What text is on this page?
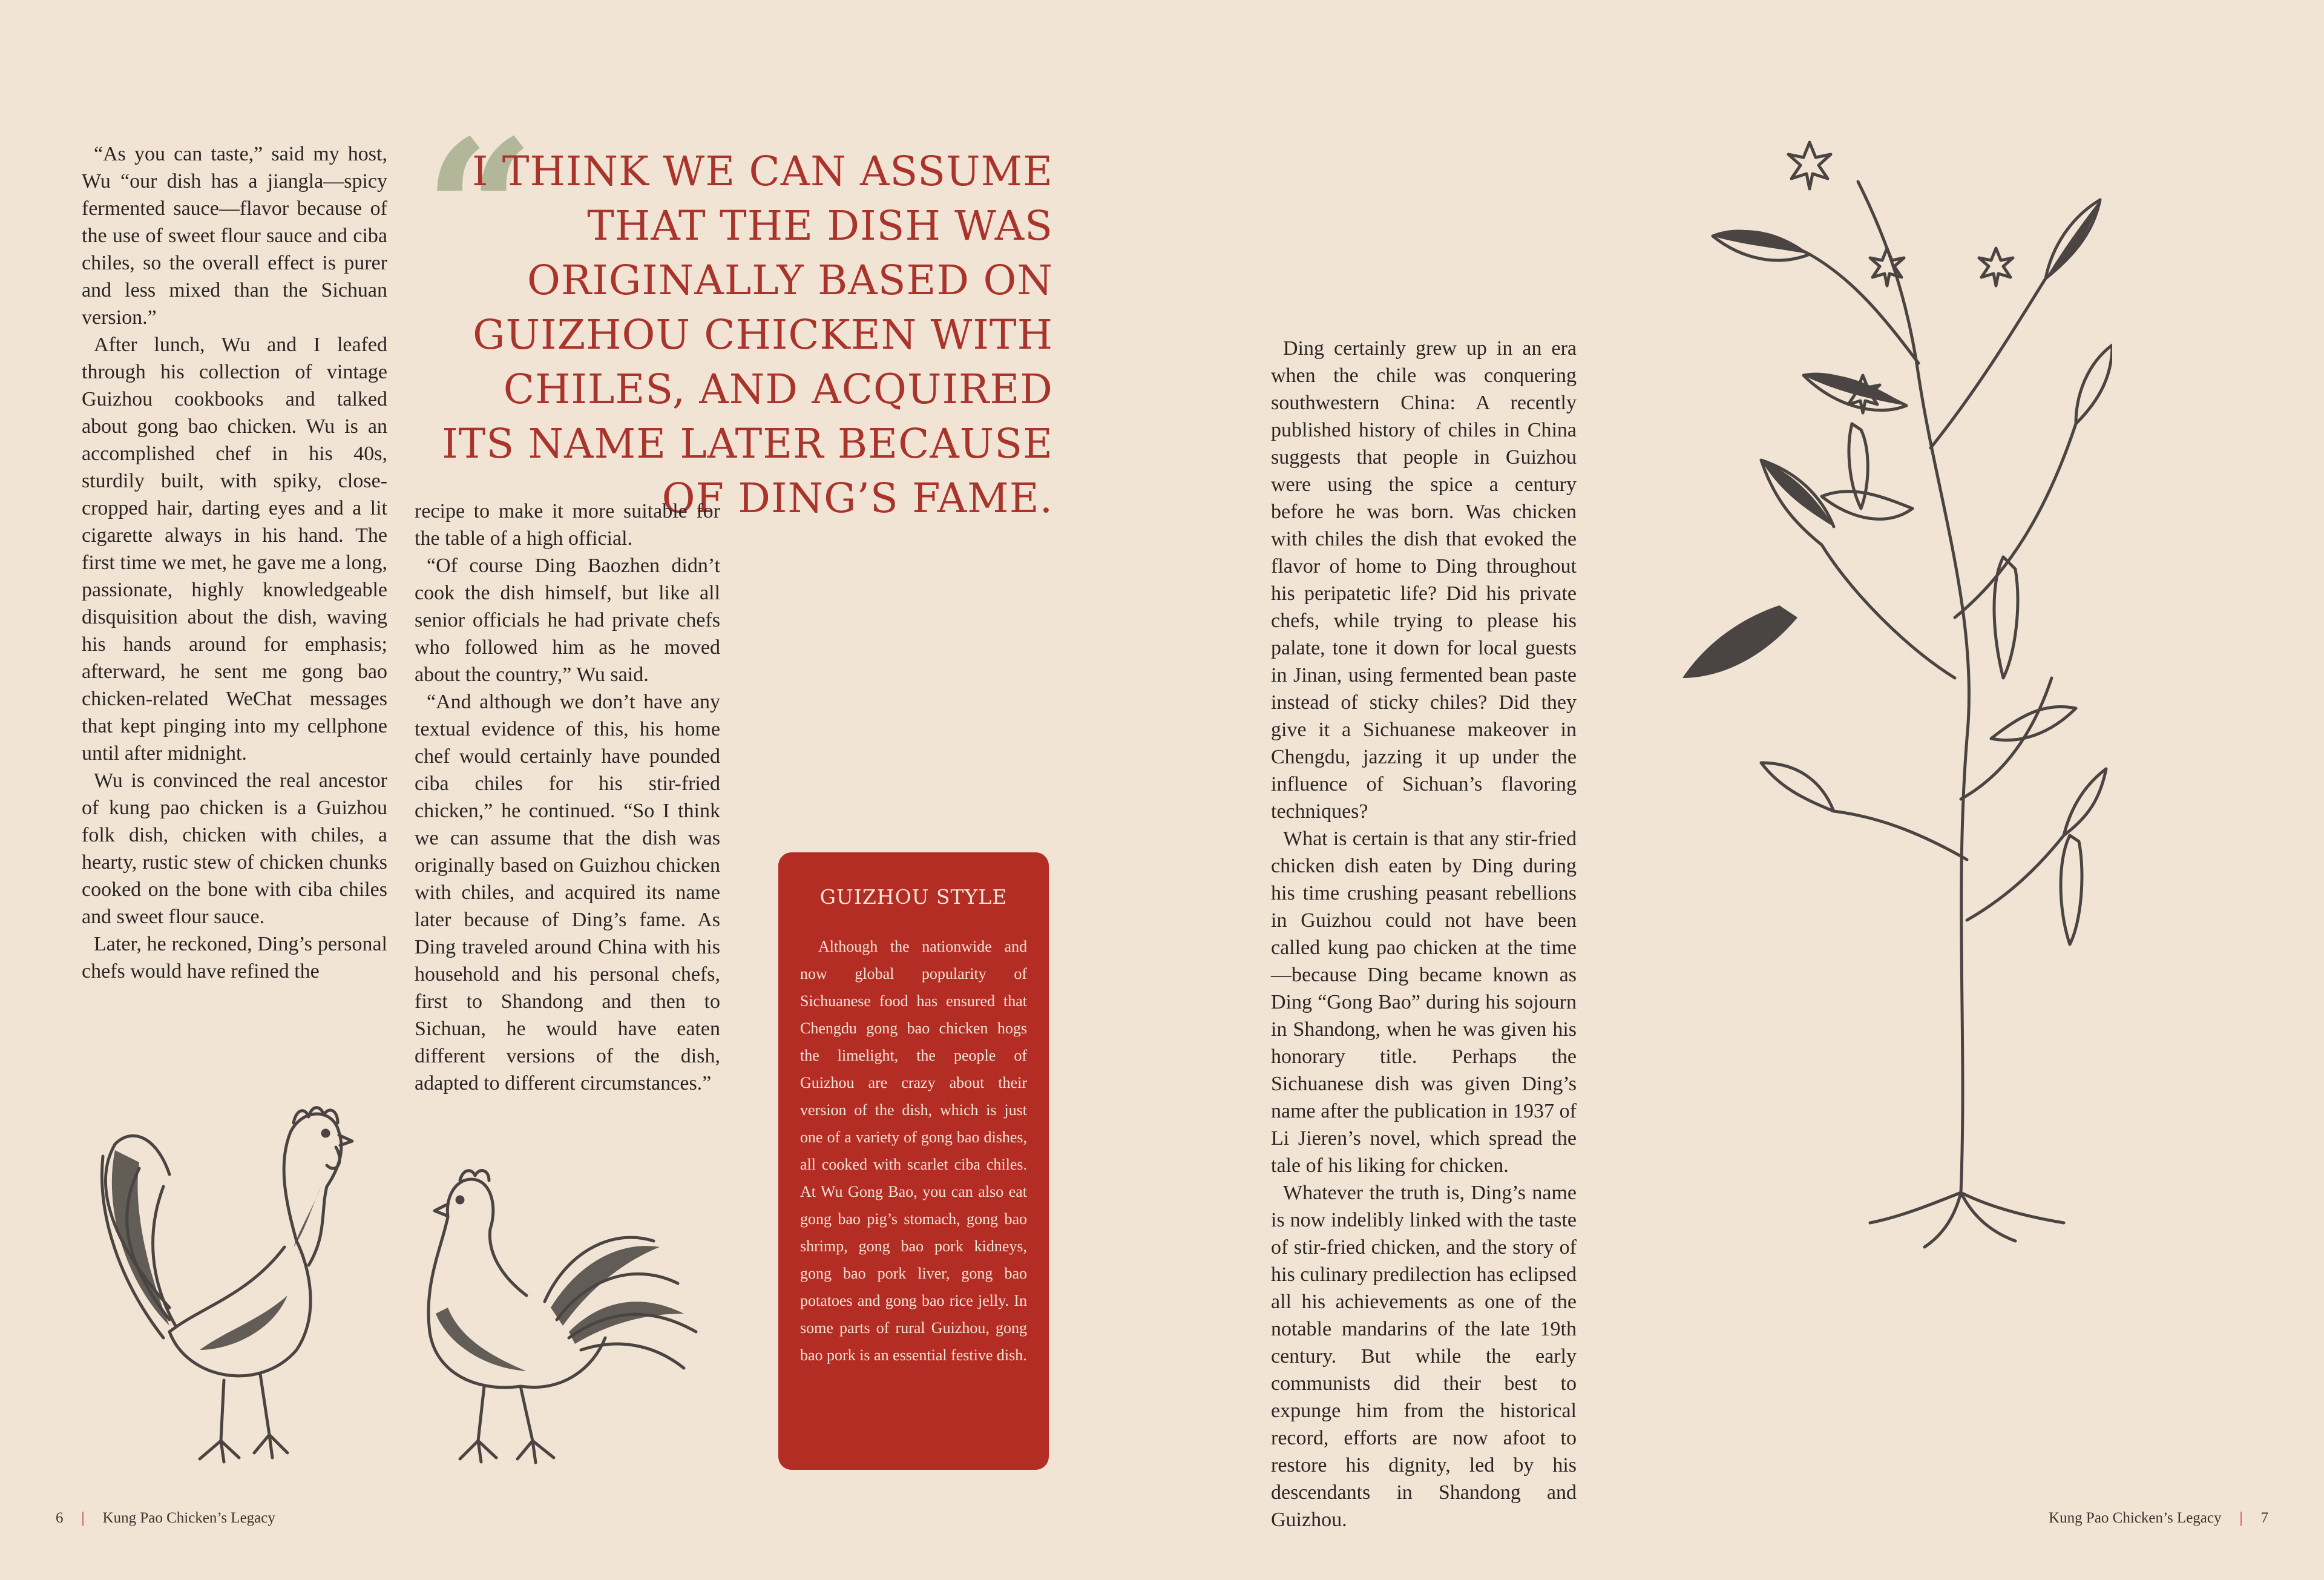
“As you can taste,” said my host, Wu “our dish has a jiangla—spicy fermented sauce—flavor because of the use of sweet flour sauce and ciba chiles, so the overall effect is purer and less mixed than the Sichuan version.”

After lunch, Wu and I leafed through his collection of vintage Guizhou cookbooks and talked about gong bao chicken. Wu is an accomplished chef in his 40s, sturdily built, with spiky, close-cropped hair, darting eyes and a lit cigarette always in his hand. The first time we met, he gave me a long, passionate, highly knowledgeable disquisition about the dish, waving his hands around for emphasis; afterward, he sent me gong bao chicken-related WeChat messages that kept pinging into my cellphone until after midnight.

Wu is convinced the real ancestor of kung pao chicken is a Guizhou folk dish, chicken with chiles, a hearty, rustic stew of chicken chunks cooked on the bone with ciba chiles and sweet flour sauce.

Later, he reckoned, Ding’s personal chefs would have refined the

“
I THINK WE CAN ASSUME THAT THE DISH WAS ORIGINALLY BASED ON GUIZHOU CHICKEN WITH CHILES, AND ACQUIRED ITS NAME LATER BECAUSE OF DING’S FAME.

recipe to make it more suitable for the table of a high official.

“Of course Ding Baozhen didn’t cook the dish himself, but like all senior officials he had private chefs who followed him as he moved about the country,” Wu said.

“And although we don’t have any textual evidence of this, his home chef would certainly have pounded ciba chiles for his stir-fried chicken,” he continued. “So I think we can assume that the dish was originally based on Guizhou chicken with chiles, and acquired its name later because of Ding’s fame. As Ding traveled around China with his household and his personal chefs, first to Shandong and then to Sichuan, he would have eaten different versions of the dish, adapted to different circumstances.”

GUIZHOU STYLE

Although the nationwide and now global popularity of Sichuanese food has ensured that Chengdu gong bao chicken hogs the limelight, the people of Guizhou are crazy about their version of the dish, which is just one of a variety of gong bao dishes, all cooked with scarlet ciba chiles. At Wu Gong Bao, you can also eat gong bao pig’s stomach, gong bao shrimp, gong bao pork kidneys, gong bao pork liver, gong bao potatoes and gong bao rice jelly. In some parts of rural Guizhou, gong bao pork is an essential festive dish.

Ding certainly grew up in an era when the chile was conquering southwestern China: A recently published history of chiles in China suggests that people in Guizhou were using the spice a century before he was born. Was chicken with chiles the dish that evoked the flavor of home to Ding throughout his peripatetic life? Did his private chefs, while trying to please his palate, tone it down for local guests in Jinan, using fermented bean paste instead of sticky chiles? Did they give it a Sichuanese makeover in Chengdu, jazzing it up under the influence of Sichuan’s flavoring techniques?

What is certain is that any stir-fried chicken dish eaten by Ding during his time crushing peasant rebellions in Guizhou could not have been called kung pao chicken at the time—because Ding became known as Ding “Gong Bao” during his sojourn in Shandong, when he was given his honorary title. Perhaps the Sichuanese dish was given Ding’s name after the publication in 1937 of Li Jieren’s novel, which spread the tale of his liking for chicken.

Whatever the truth is, Ding’s name is now indelibly linked with the taste of stir-fried chicken, and the story of his culinary predilection has eclipsed all his achievements as one of the notable mandarins of the late 19th century. But while the early communists did their best to expunge him from the historical record, efforts are now afoot to restore his dignity, led by his descendants in Shandong and Guizhou.

6 | Kung Pao Chicken’s Legacy	Kung Pao Chicken’s Legacy | 7
